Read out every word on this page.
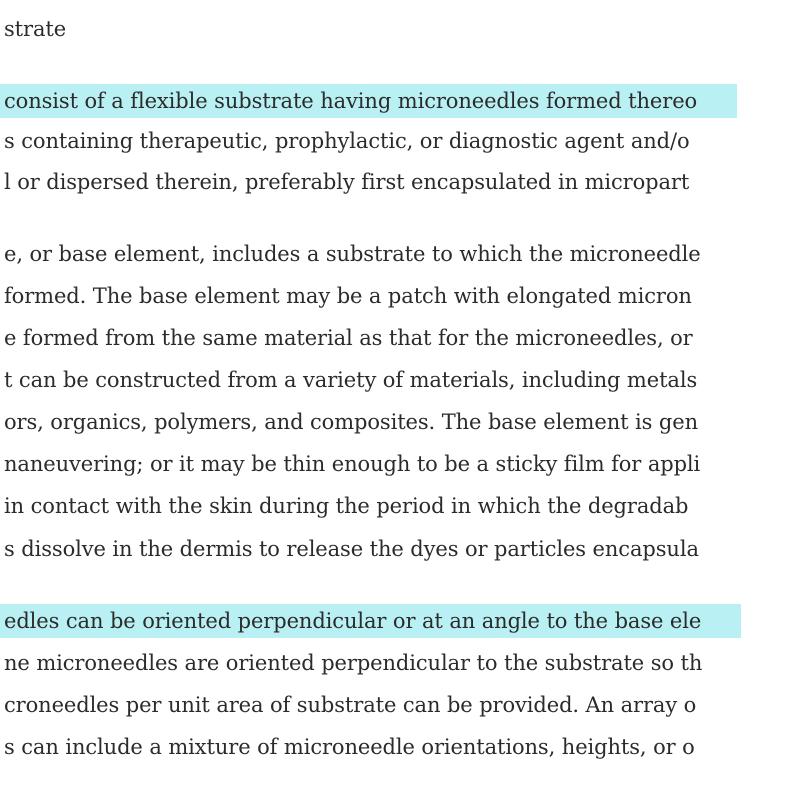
strate
consist of a flexible substrate having microneedles formed thereo
s containing therapeutic, prophylactic, or diagnostic agent and/o
l or dispersed therein, preferably first encapsulated in micropart
e, or base element, includes a substrate to which the microneedle
formed. The base element may be a patch with elongated micron
e formed from the same material as that for the microneedles, or
t can be constructed from a variety of materials, including metals
ors, organics, polymers, and composites. The base element is gen
naneuvering; or it may be thin enough to be a sticky film for appli
in contact with the skin during the period in which the degradab
s dissolve in the dermis to release the dyes or particles encapsula
edles can be oriented perpendicular or at an angle to the base ele
ne microneedles are oriented perpendicular to the substrate so th
croneedles per unit area of substrate can be provided. An array o
s can include a mixture of microneedle orientations, heights, or o
